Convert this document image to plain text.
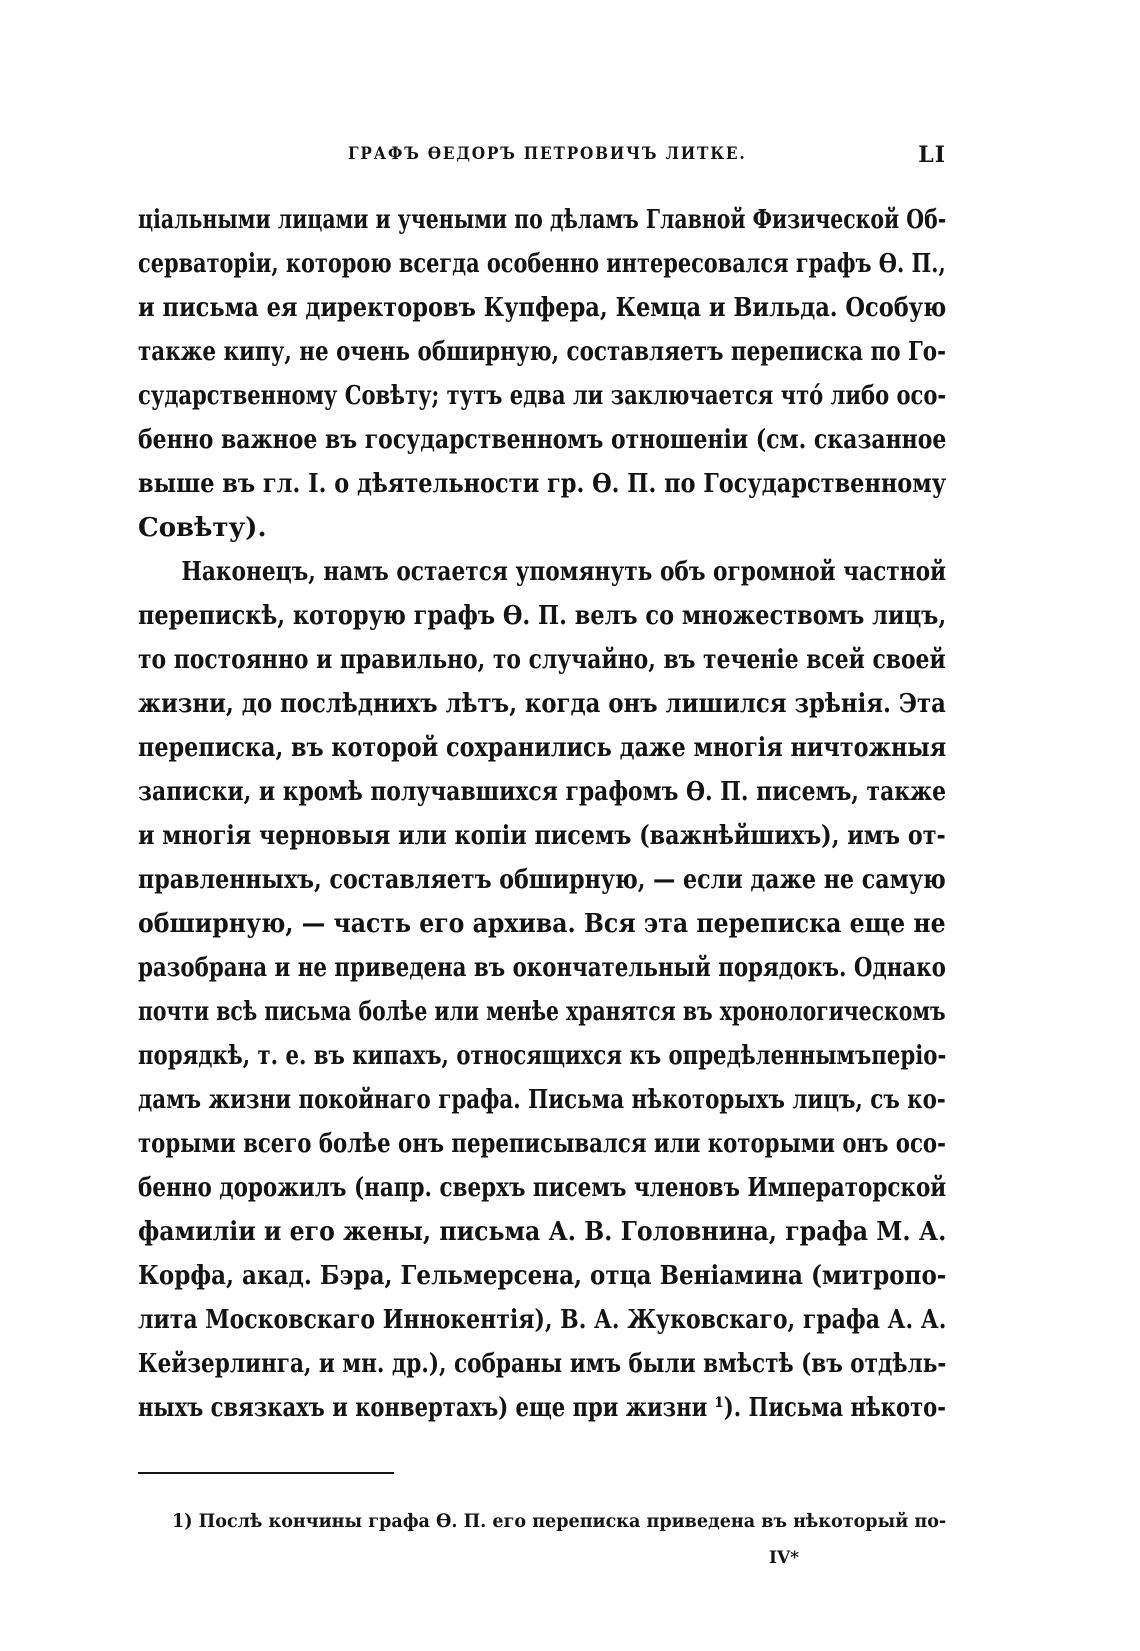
ГРАФЪ ѲЕДОРЪ ПЕТРОВИЧЪ ЛИТКЕ.	LI
ціальными лицами и учеными по дѣламъ Главной Физической Об-
серваторіи, которою всегда особенно интересовался графъ Ѳ. П.,
и письма ея директоровъ Купфера, Кемца и Вильда. Особую
также кипу, не очень обширную, составляетъ переписка по Го-
сударственному Совѣту; тутъ едва ли заключается что́ либо осо-
бенно важное въ государственномъ отношеніи (см. сказанное
выше въ гл. I. о дѣятельности гр. Ѳ. П. по Государственному
Совѣту).
Наконецъ, намъ остается упомянуть объ огромной частной
перепискѣ, которую графъ Ѳ. П. велъ со множествомъ лицъ,
то постоянно и правильно, то случайно, въ теченіе всей своей
жизни, до послѣднихъ лѣтъ, когда онъ лишился зрѣнія. Эта
переписка, въ которой сохранились даже многія ничтожныя
записки, и кромѣ получавшихся графомъ Ѳ. П. писемъ, также
и многія черновыя или копіи писемъ (важнѣйшихъ), имъ от-
правленныхъ, составляетъ обширную, — если даже не самую
обширную, — часть его архива. Вся эта переписка еще не
разобрана и не приведена въ окончательный порядокъ. Однако
почти всѣ письма болѣе или менѣе хранятся въ хронологическомъ
порядкѣ, т. е. въ кипахъ, относящихся къ опредѣленнымъперіо-
дамъ жизни покойнаго графа. Письма нѣкоторыхъ лицъ, съ ко-
торыми всего болѣе онъ переписывался или которыми онъ осо-
бенно дорожилъ (напр. сверхъ писемъ членовъ Императорской
фамиліи и его жены, письма А. В. Головнина, графа М. А.
Корфа, акад. Бэра, Гельмерсена, отца Веніамина (митропо-
лита Московскаго Иннокентія), В. А. Жуковскаго, графа А. А.
Кейзерлинга, и мн. др.), собраны имъ были вмѣстѣ (въ отдѣль-
ныхъ связкахъ и конвертахъ) еще при жизни ¹). Письма нѣкото-
1) Послѣ кончины графа Ѳ. П. его переписка приведена въ нѣкоторый по-
IV*
